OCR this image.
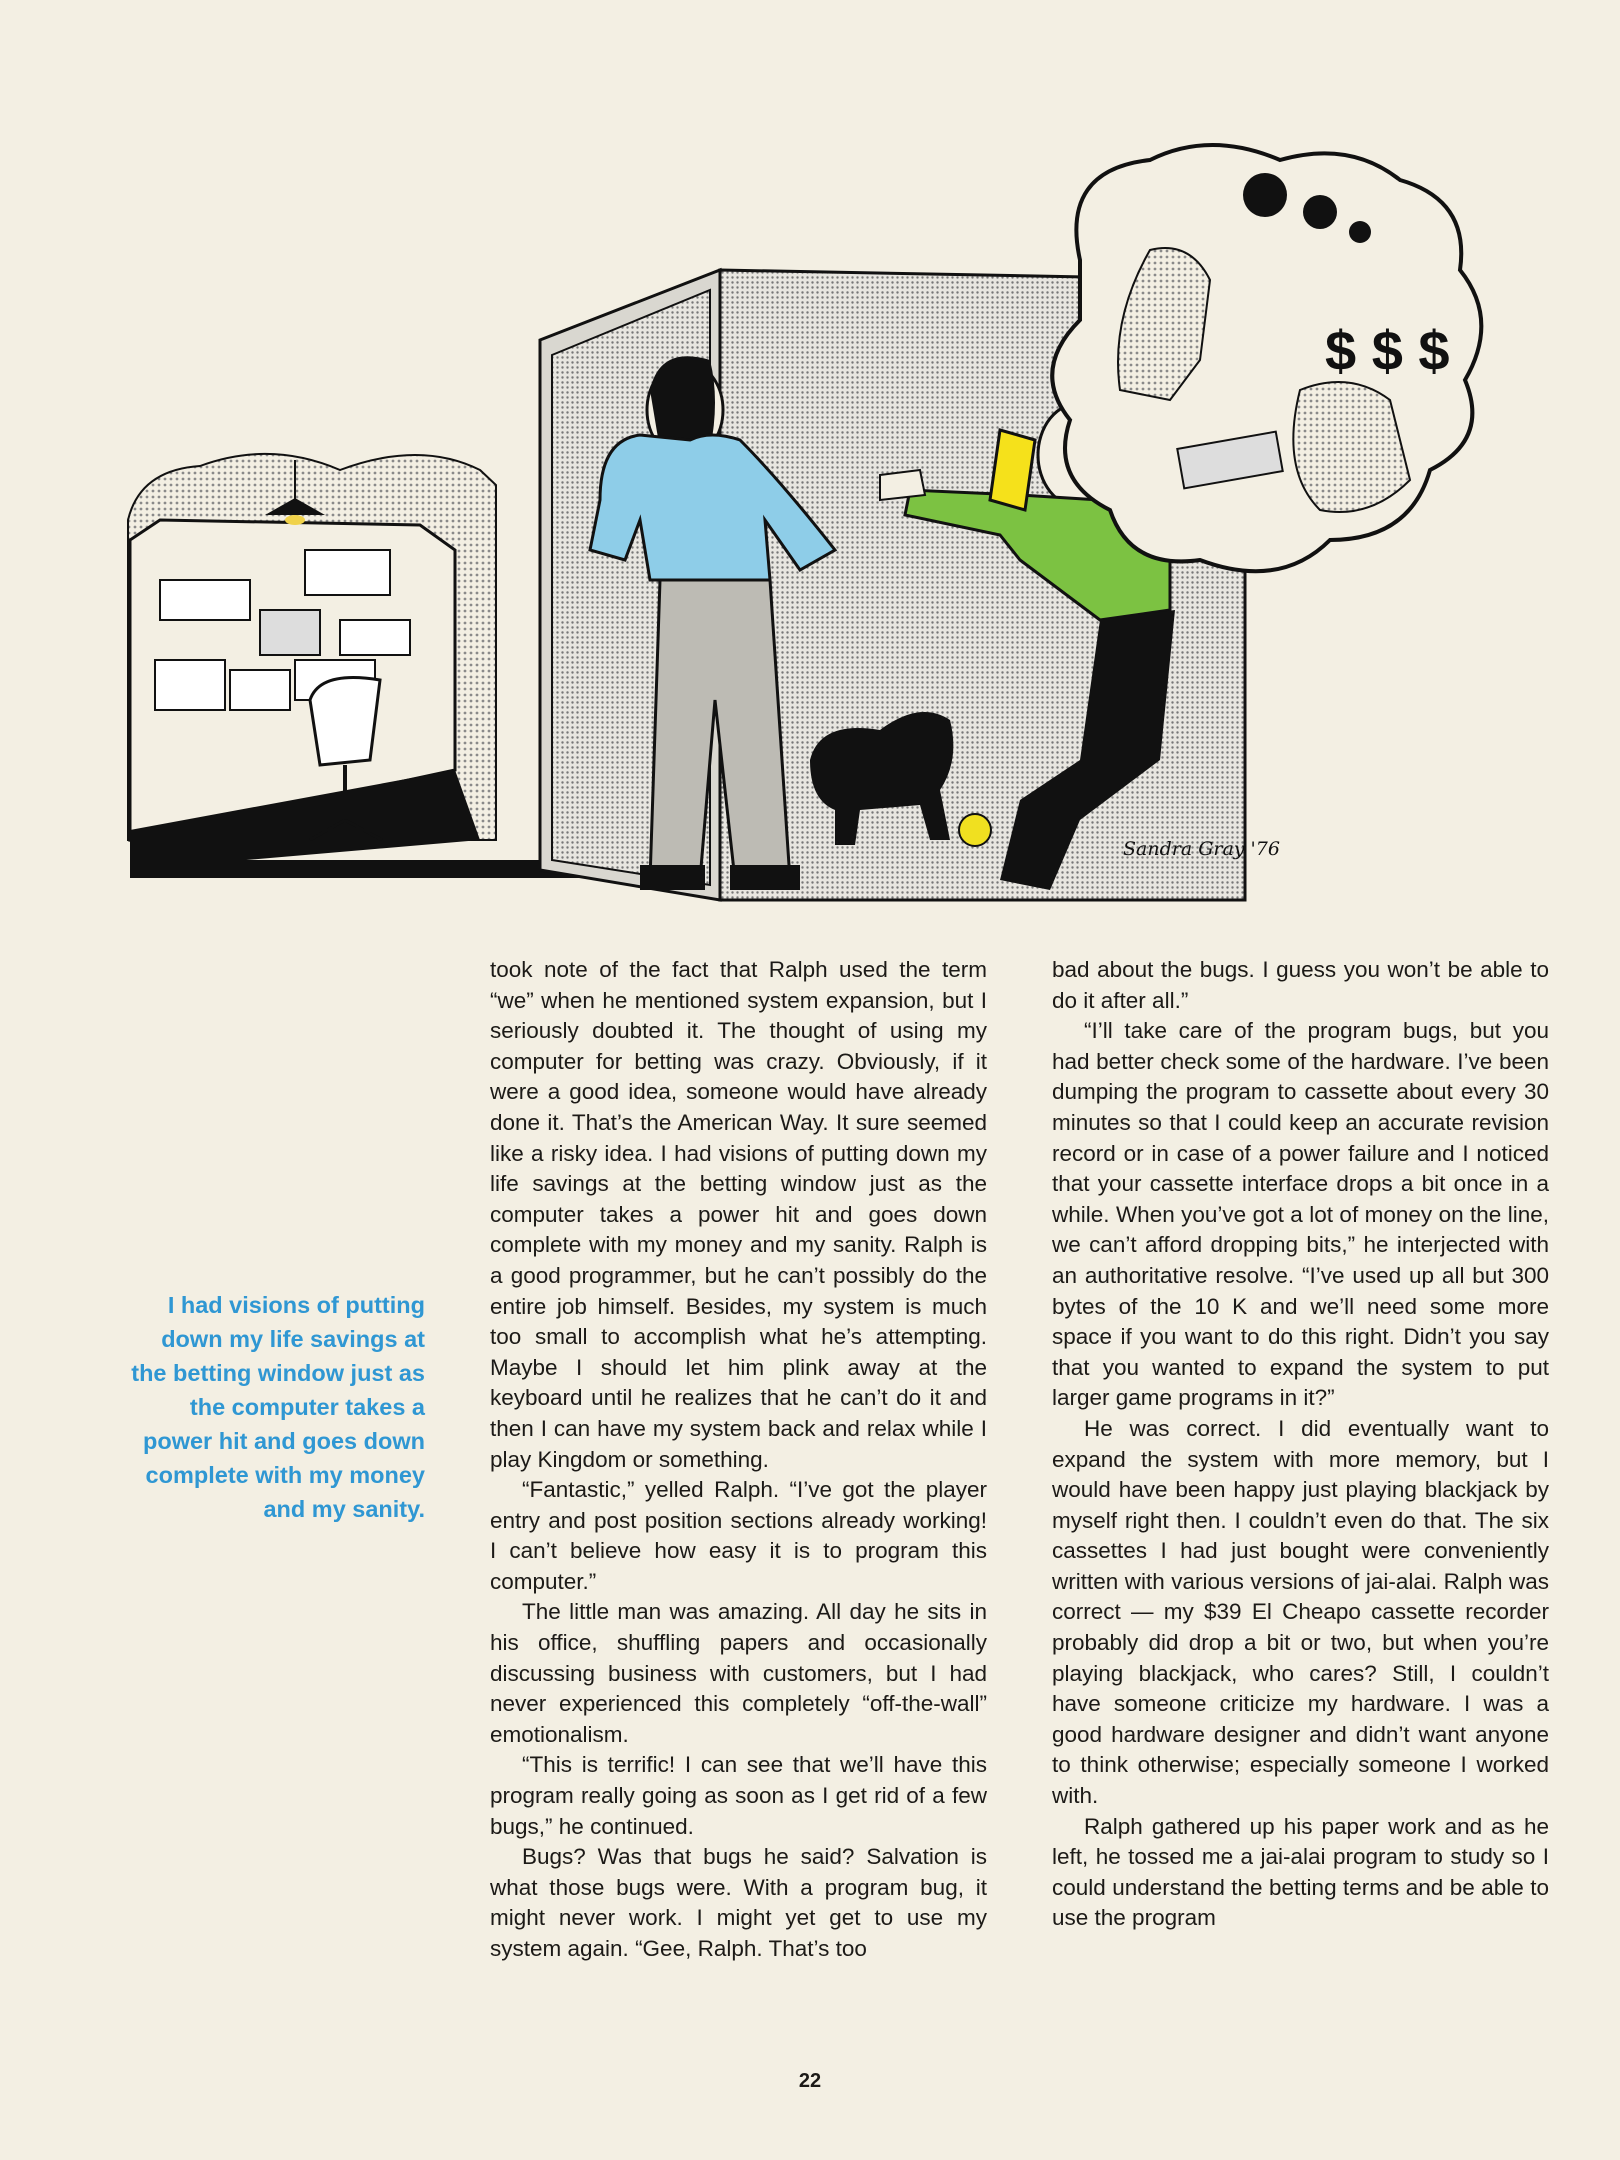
$ $ $
Sandra Gray '76
I had visions of putting down my life savings at the betting window just as the computer takes a power hit and goes down complete with my money and my sanity.

took note of the fact that Ralph used the term “we” when he mentioned system expansion, but I seriously doubted it. The thought of using my computer for betting was crazy. Obviously, if it were a good idea, someone would have already done it. That’s the American Way. It sure seemed like a risky idea. I had visions of putting down my life savings at the betting window just as the computer takes a power hit and goes down complete with my money and my sanity. Ralph is a good programmer, but he can’t possibly do the entire job himself. Besides, my system is much too small to accomplish what he’s attempting. Maybe I should let him plink away at the keyboard until he realizes that he can’t do it and then I can have my system back and relax while I play Kingdom or something.

“Fantastic,” yelled Ralph. “I’ve got the player entry and post position sections already working! I can’t believe how easy it is to program this computer.”

The little man was amazing. All day he sits in his office, shuffling papers and occasionally discussing business with customers, but I had never experienced this completely “off-the-wall” emotionalism.

“This is terrific! I can see that we’ll have this program really going as soon as I get rid of a few bugs,” he continued.

Bugs? Was that bugs he said? Salvation is what those bugs were. With a program bug, it might never work. I might yet get to use my system again. “Gee, Ralph. That’s too

bad about the bugs. I guess you won’t be able to do it after all.”

“I’ll take care of the program bugs, but you had better check some of the hardware. I’ve been dumping the program to cassette about every 30 minutes so that I could keep an accurate revision record or in case of a power failure and I noticed that your cassette interface drops a bit once in a while. When you’ve got a lot of money on the line, we can’t afford dropping bits,” he interjected with an authoritative resolve. “I’ve used up all but 300 bytes of the 10 K and we’ll need some more space if you want to do this right. Didn’t you say that you wanted to expand the system to put larger game programs in it?”

He was correct. I did eventually want to expand the system with more memory, but I would have been happy just playing blackjack by myself right then. I couldn’t even do that. The six cassettes I had just bought were conveniently written with various versions of jai-alai. Ralph was correct — my $39 El Cheapo cassette recorder probably did drop a bit or two, but when you’re playing blackjack, who cares? Still, I couldn’t have someone criticize my hardware. I was a good hardware designer and didn’t want anyone to think otherwise; especially someone I worked with.

Ralph gathered up his paper work and as he left, he tossed me a jai-alai program to study so I could understand the betting terms and be able to use the program

22
